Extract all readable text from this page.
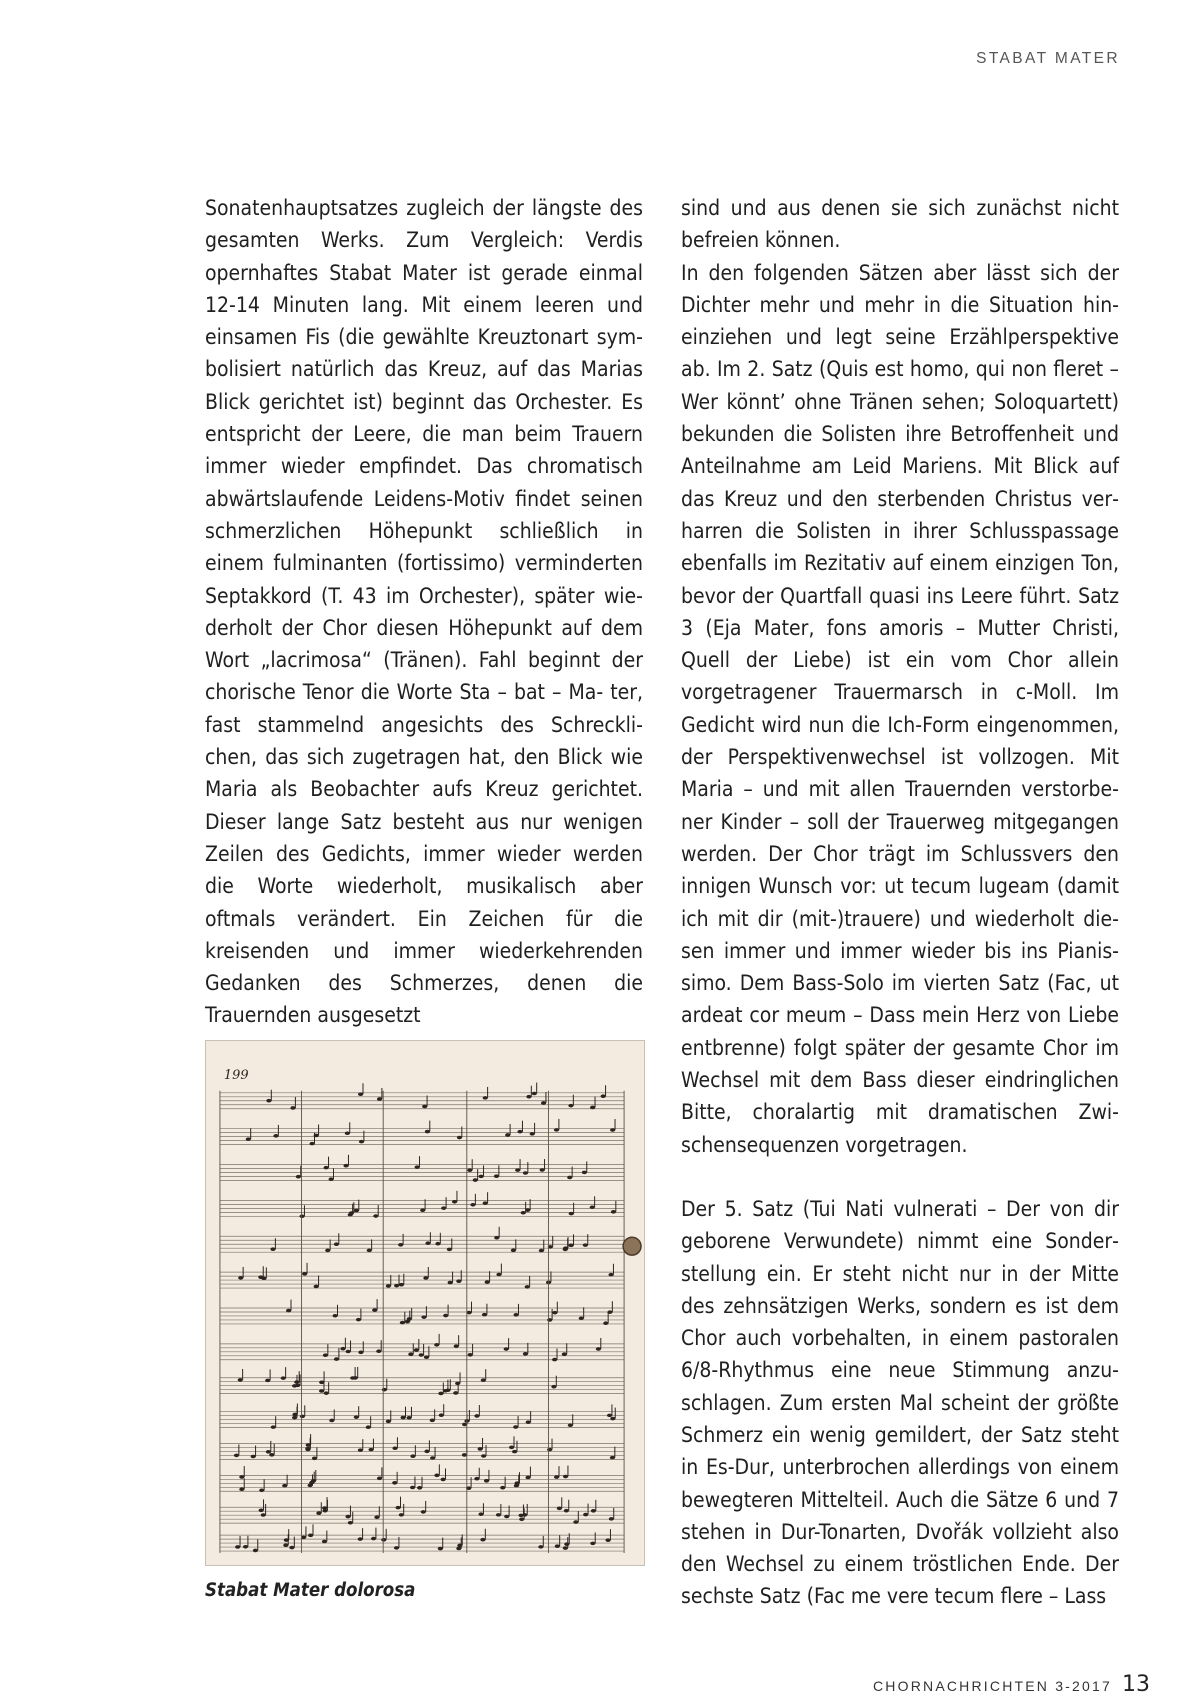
STABAT MATER

Sonatenhauptsatzes zugleich der längste des gesamten Werks. Zum Vergleich: Verdis opernhaftes Stabat Mater ist gerade einmal 12-14 Minuten lang. Mit einem leeren und einsamen Fis (die gewählte Kreuztonart symbolisiert natürlich das Kreuz, auf das Marias Blick gerichtet ist) beginnt das Orchester. Es entspricht der Leere, die man beim Trauern immer wieder empfindet. Das chromatisch abwärtslaufende Leidens-Motiv findet seinen schmerzlichen Höhepunkt schließlich in einem fulminanten (fortissimo) verminderten Septakkord (T. 43 im Orchester), später wiederholt der Chor diesen Höhepunkt auf dem Wort „lacrimosa“ (Tränen). Fahl beginnt der chorische Tenor die Worte Sta – bat – Ma- ter, fast stammelnd angesichts des Schrecklichen, das sich zugetragen hat, den Blick wie Maria als Beobachter aufs Kreuz gerichtet. Dieser lange Satz besteht aus nur wenigen Zeilen des Gedichts, immer wieder werden die Worte wiederholt, musikalisch aber oftmals verändert. Ein Zeichen für die kreisenden und immer wiederkehrenden Gedanken des Schmerzes, denen die Trauernden ausgesetzt

sind und aus denen sie sich zunächst nicht befreien können.

In den folgenden Sätzen aber lässt sich der Dichter mehr und mehr in die Situation hineinziehen und legt seine Erzählperspektive ab. Im 2. Satz (Quis est homo, qui non fleret – Wer könnt’ ohne Tränen sehen; Soloquartett) bekunden die Solisten ihre Betroffenheit und Anteilnahme am Leid Mariens. Mit Blick auf das Kreuz und den sterbenden Christus verharren die Solisten in ihrer Schlusspassage ebenfalls im Rezitativ auf einem einzigen Ton, bevor der Quartfall quasi ins Leere führt. Satz 3 (Eja Mater, fons amoris – Mutter Christi, Quell der Liebe) ist ein vom Chor allein vorgetragener Trauermarsch in c-Moll. Im Gedicht wird nun die Ich-Form eingenommen, der Perspektivenwechsel ist vollzogen. Mit Maria – und mit allen Trauernden verstorbener Kinder – soll der Trauerweg mitgegangen werden. Der Chor trägt im Schlussvers den innigen Wunsch vor: ut tecum lugeam (damit ich mit dir (mit-)trauere) und wiederholt diesen immer und immer wieder bis ins Pianissimo. Dem Bass-Solo im vierten Satz (Fac, ut ardeat cor meum – Dass mein Herz von Liebe entbrenne) folgt später der gesamte Chor im Wechsel mit dem Bass dieser eindringlichen Bitte, choralartig mit dramatischen Zwischensequenzen vorgetragen.

Der 5. Satz (Tui Nati vulnerati – Der von dir geborene Verwundete) nimmt eine Sonderstellung ein. Er steht nicht nur in der Mitte des zehnsätzigen Werks, sondern es ist dem Chor auch vorbehalten, in einem pastoralen 6/8-Rhythmus eine neue Stimmung anzuschlagen. Zum ersten Mal scheint der größte Schmerz ein wenig gemildert, der Satz steht in Es-Dur, unterbrochen allerdings von einem bewegteren Mittelteil. Auch die Sätze 6 und 7 stehen in Dur-Tonarten, Dvořák vollzieht also den Wechsel zu einem tröstlichen Ende. Der sechste Satz (Fac me vere tecum flere – Lass

199
Stabat Mater dolorosa
CHORNACHRICHTEN 3-2017 13
